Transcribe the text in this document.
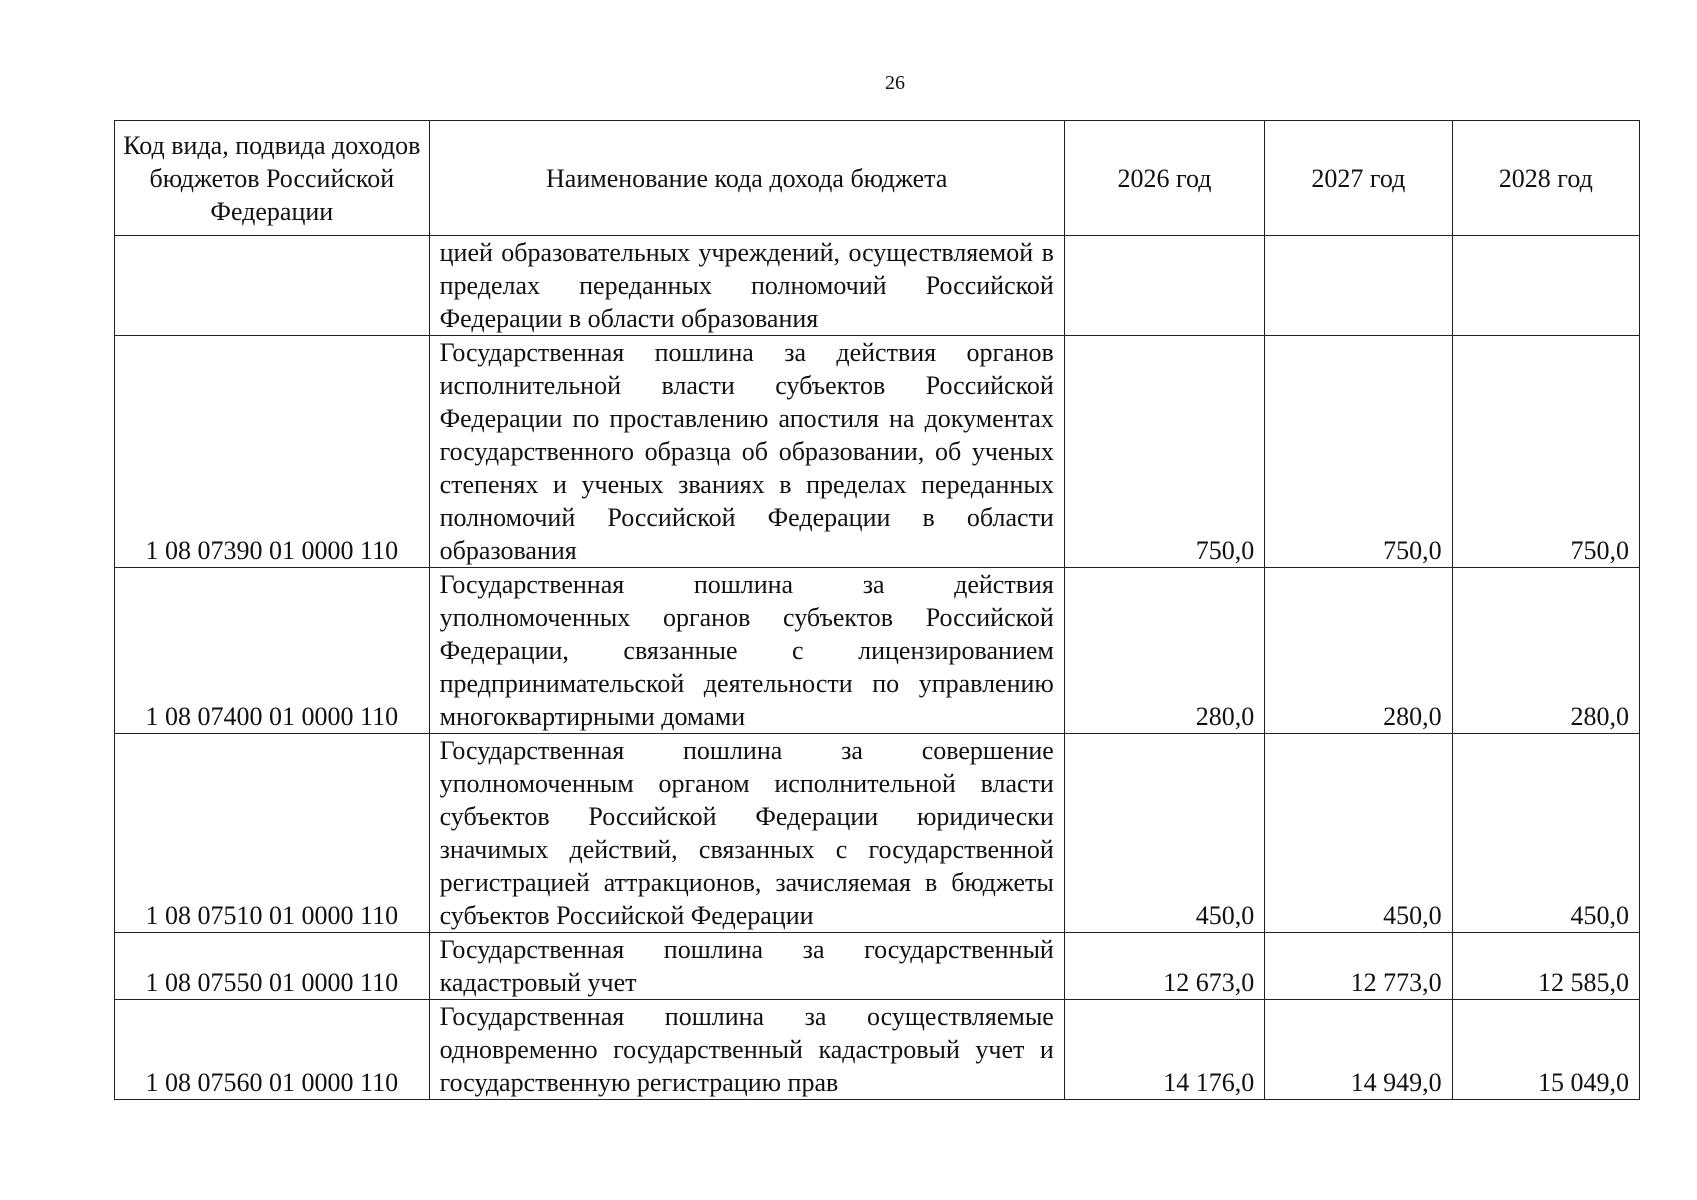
26
Код вида, подвида доходов бюджетов Российской Федерации	Наименование кода дохода бюджета	2026 год	2027 год	2028 год
	цией образовательных учреждений, осуществляемой в пределах переданных полномочий Российской Федерации в области образования			
1 08 07390 01 0000 110	Государственная пошлина за действия органов исполнительной власти субъектов Российской Федерации по проставлению апостиля на документах государственного образца об образовании, об ученых степенях и ученых званиях в пределах переданных полномочий Российской Федерации в области образования	750,0	750,0	750,0
1 08 07400 01 0000 110	Государственная пошлина за действия уполномоченных органов субъектов Российской Федерации, связанные с лицензированием предпринимательской деятельности по управлению многоквартирными домами	280,0	280,0	280,0
1 08 07510 01 0000 110	Государственная пошлина за совершение уполномоченным органом исполнительной власти субъектов Российской Федерации юридически значимых действий, связанных с государственной регистрацией аттракционов, зачисляемая в бюджеты субъектов Российской Федерации	450,0	450,0	450,0
1 08 07550 01 0000 110	Государственная пошлина за государственный кадастровый учет	12 673,0	12 773,0	12 585,0
1 08 07560 01 0000 110	Государственная пошлина за осуществляемые одновременно государственный кадастровый учет и государственную регистрацию прав	14 176,0	14 949,0	15 049,0
